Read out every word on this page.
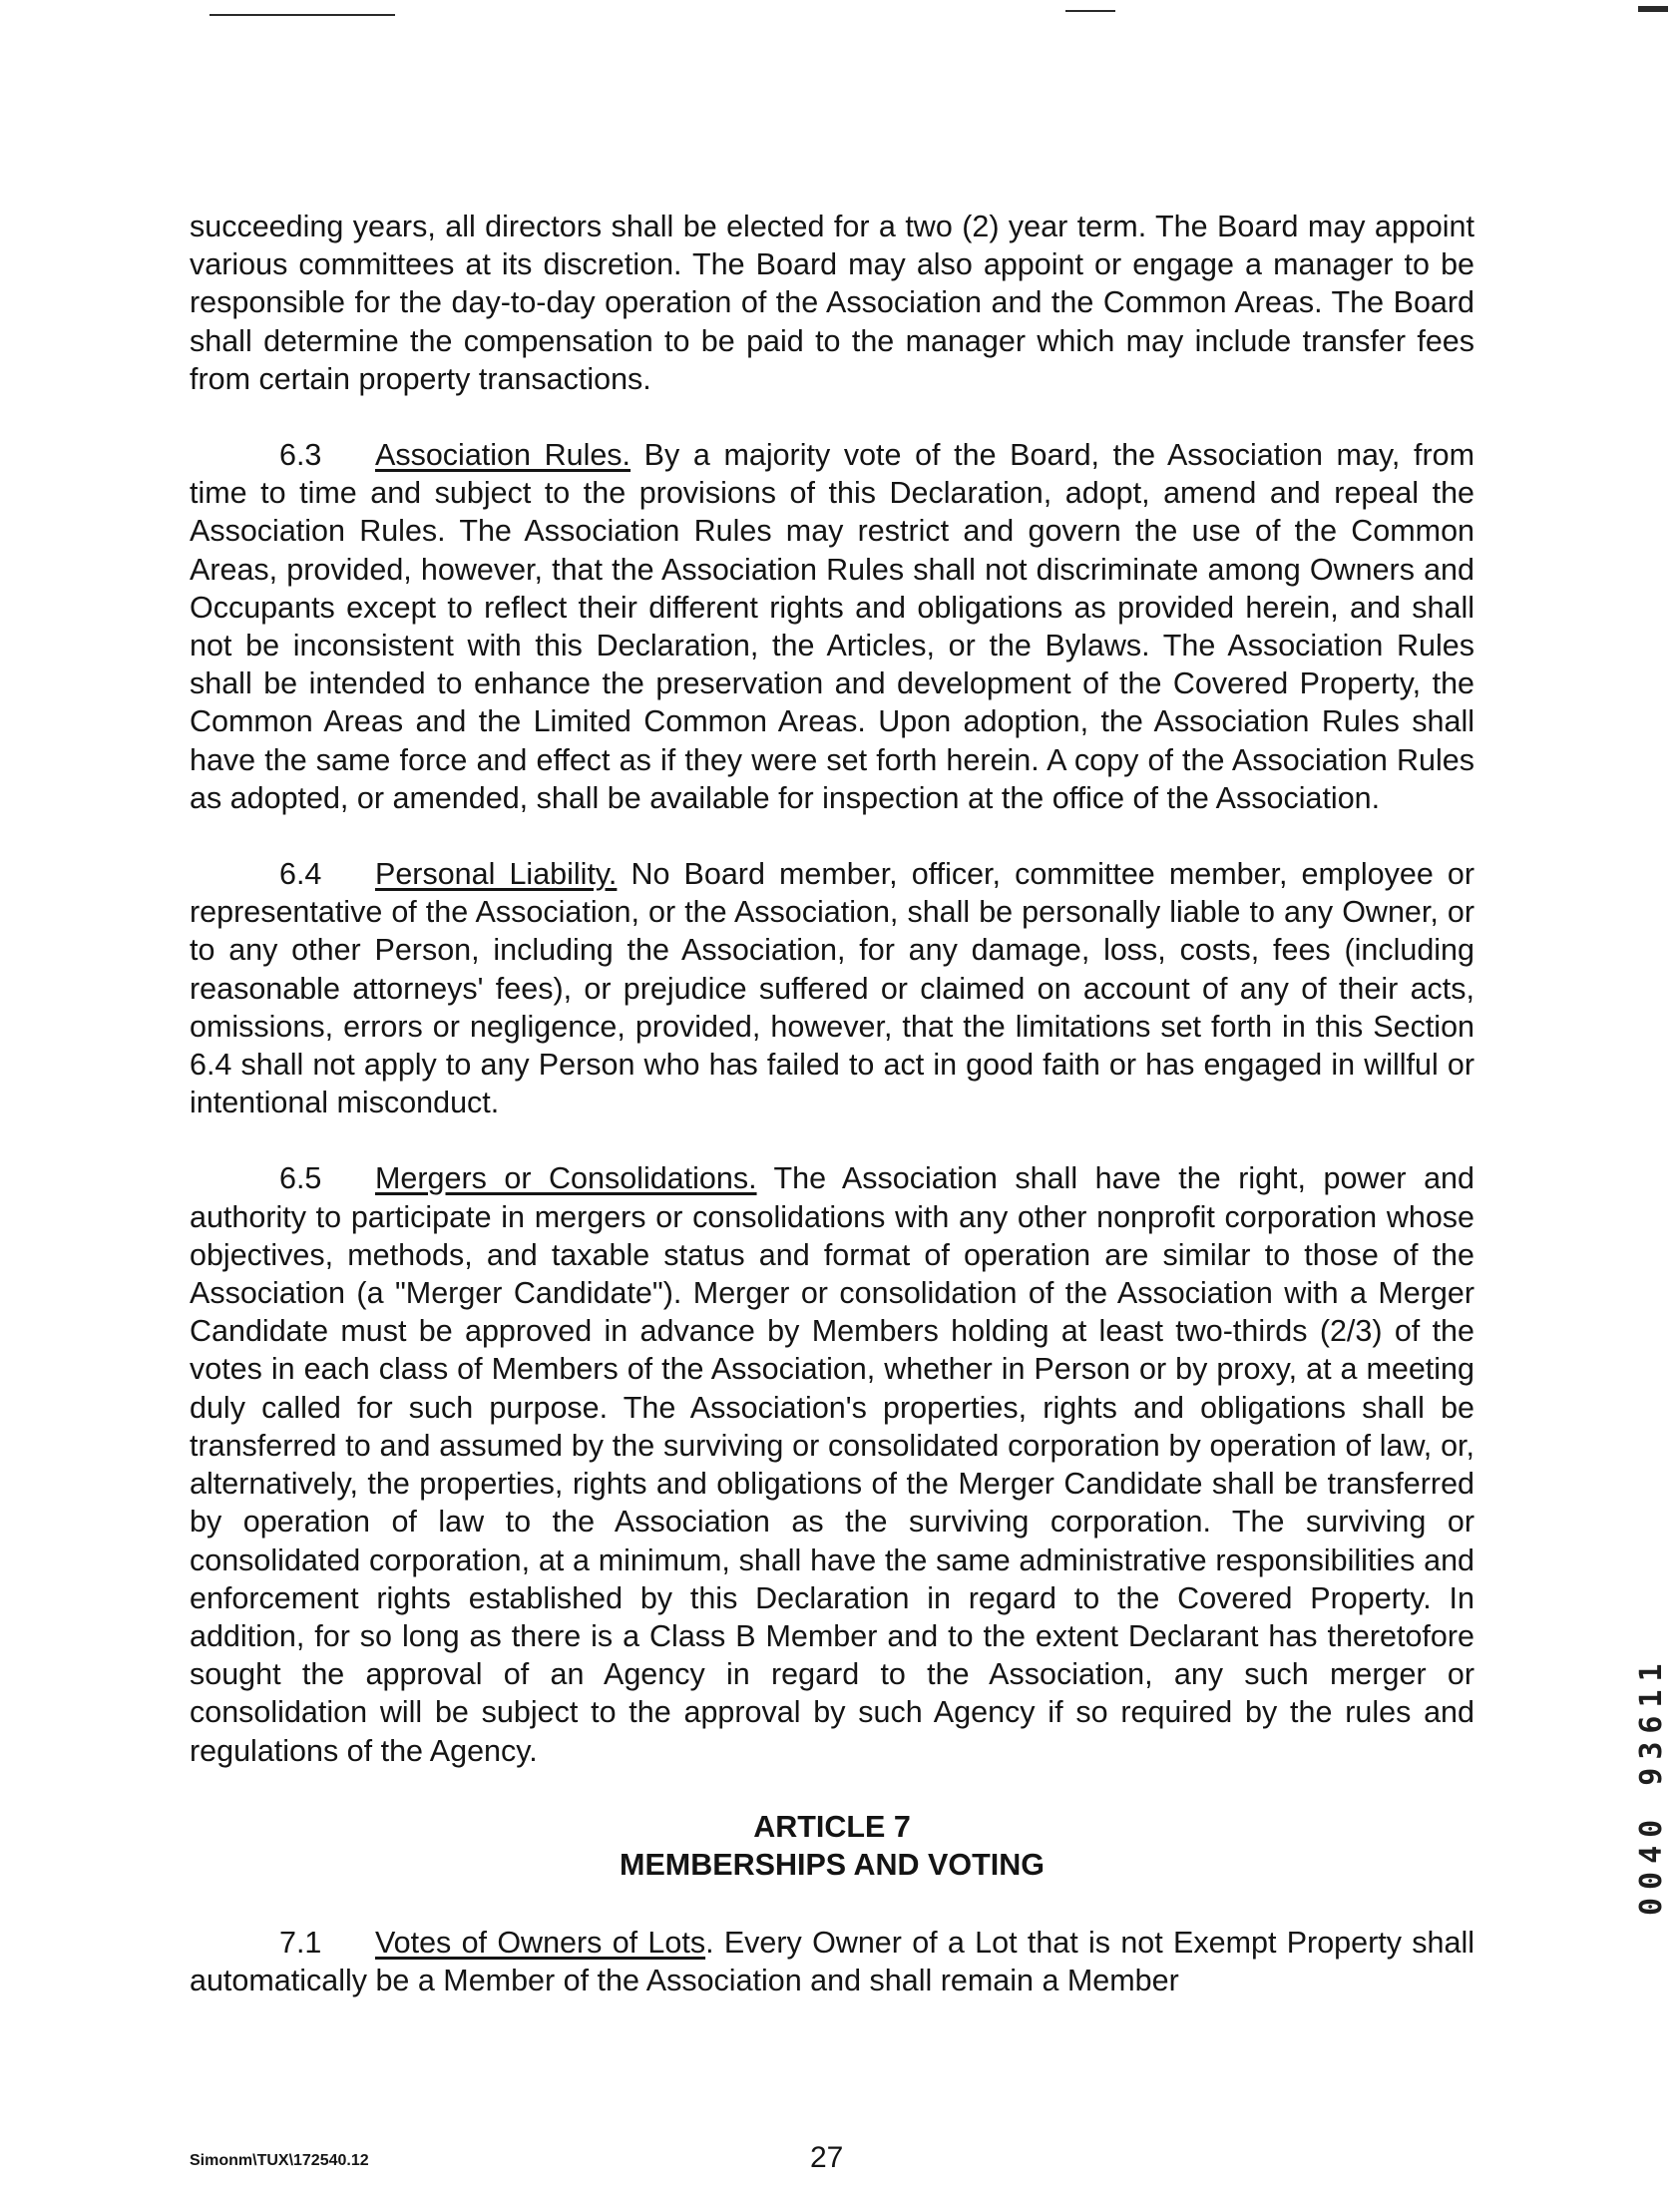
succeeding years, all directors shall be elected for a two (2) year term. The Board may appoint various committees at its discretion. The Board may also appoint or engage a manager to be responsible for the day-to-day operation of the Association and the Common Areas. The Board shall determine the compensation to be paid to the manager which may include transfer fees from certain property transactions.

6.3 Association Rules. By a majority vote of the Board, the Association may, from time to time and subject to the provisions of this Declaration, adopt, amend and repeal the Association Rules. The Association Rules may restrict and govern the use of the Common Areas, provided, however, that the Association Rules shall not discriminate among Owners and Occupants except to reflect their different rights and obligations as provided herein, and shall not be inconsistent with this Declaration, the Articles, or the Bylaws. The Association Rules shall be intended to enhance the preservation and development of the Covered Property, the Common Areas and the Limited Common Areas. Upon adoption, the Association Rules shall have the same force and effect as if they were set forth herein. A copy of the Association Rules as adopted, or amended, shall be available for inspection at the office of the Association.

6.4 Personal Liability. No Board member, officer, committee member, employee or representative of the Association, or the Association, shall be personally liable to any Owner, or to any other Person, including the Association, for any damage, loss, costs, fees (including reasonable attorneys' fees), or prejudice suffered or claimed on account of any of their acts, omissions, errors or negligence, provided, however, that the limitations set forth in this Section 6.4 shall not apply to any Person who has failed to act in good faith or has engaged in willful or intentional misconduct.

6.5 Mergers or Consolidations. The Association shall have the right, power and authority to participate in mergers or consolidations with any other nonprofit corporation whose objectives, methods, and taxable status and format of operation are similar to those of the Association (a "Merger Candidate"). Merger or consolidation of the Association with a Merger Candidate must be approved in advance by Members holding at least two-thirds (2/3) of the votes in each class of Members of the Association, whether in Person or by proxy, at a meeting duly called for such purpose. The Association's properties, rights and obligations shall be transferred to and assumed by the surviving or consolidated corporation by operation of law, or, alternatively, the properties, rights and obligations of the Merger Candidate shall be transferred by operation of law to the Association as the surviving corporation. The surviving or consolidated corporation, at a minimum, shall have the same administrative responsibilities and enforcement rights established by this Declaration in regard to the Covered Property. In addition, for so long as there is a Class B Member and to the extent Declarant has theretofore sought the approval of an Agency in regard to the Association, any such merger or consolidation will be subject to the approval by such Agency if so required by the rules and regulations of the Agency.

ARTICLE 7
MEMBERSHIPS AND VOTING

7.1 Votes of Owners of Lots. Every Owner of a Lot that is not Exempt Property shall automatically be a Member of the Association and shall remain a Member

Simonm\TUX\172540.12	27
0040 93611
